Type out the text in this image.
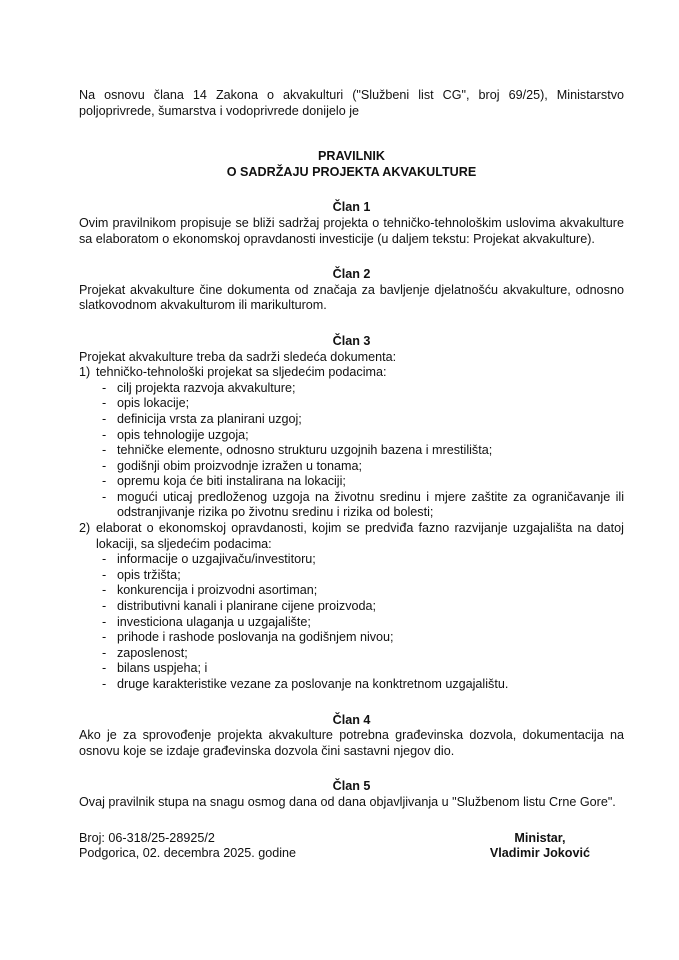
Na osnovu člana 14 Zakona o akvakulturi ("Službeni list CG", broj 69/25), Ministarstvo poljoprivrede, šumarstva i vodoprivrede donijelo je

PRAVILNIK

O SADRŽAJU PROJEKTA AKVAKULTURE

Član 1

Ovim pravilnikom propisuje se bliži sadržaj projekta o tehničko-tehnološkim uslovima akvakulture sa elaboratom o ekonomskoj opravdanosti investicije (u daljem tekstu: Projekat akvakulture).

Član 2

Projekat akvakulture čine dokumenta od značaja za bavljenje djelatnošću akvakulture, odnosno slatkovodnom akvakulturom ili marikulturom.

Član 3

Projekat akvakulture treba da sadrži sledeća dokumenta:

1) tehničko-tehnološki projekat sa sljedećim podacima:

- cilj projekta razvoja akvakulture;
- opis lokacije;
- definicija vrsta za planirani uzgoj;
- opis tehnologije uzgoja;
- tehničke elemente, odnosno strukturu uzgojnih bazena i mrestilišta;
- godišnji obim proizvodnje izražen u tonama;
- opremu koja će biti instalirana na lokaciji;
- mogući uticaj predloženog uzgoja na životnu sredinu i mjere zaštite za ograničavanje ili odstranjivanje rizika po životnu sredinu i rizika od bolesti;
2) elaborat o ekonomskoj opravdanosti, kojim se predviđa fazno razvijanje uzgajališta na datoj lokaciji, sa sljedećim podacima:

- informacije o uzgajivaču/investitoru;
- opis tržišta;
- konkurencija i proizvodni asortiman;
- distributivni kanali i planirane cijene proizvoda;
- investiciona ulaganja u uzgajalište;
- prihode i rashode poslovanja na godišnjem nivou;
- zaposlenost;
- bilans uspjeha; i
- druge karakteristike vezane za poslovanje na konktretnom uzgajalištu.

Član 4

Ako je za sprovođenje projekta akvakulture potrebna građevinska dozvola, dokumentacija na osnovu koje se izdaje građevinska dozvola čini sastavni njegov dio.

Član 5

Ovaj pravilnik stupa na snagu osmog dana od dana objavljivanja u "Službenom listu Crne Gore".

Broj: 06-318/25-28925/2

Podgorica, 02. decembra 2025. godine

Ministar,

Vladimir Joković
